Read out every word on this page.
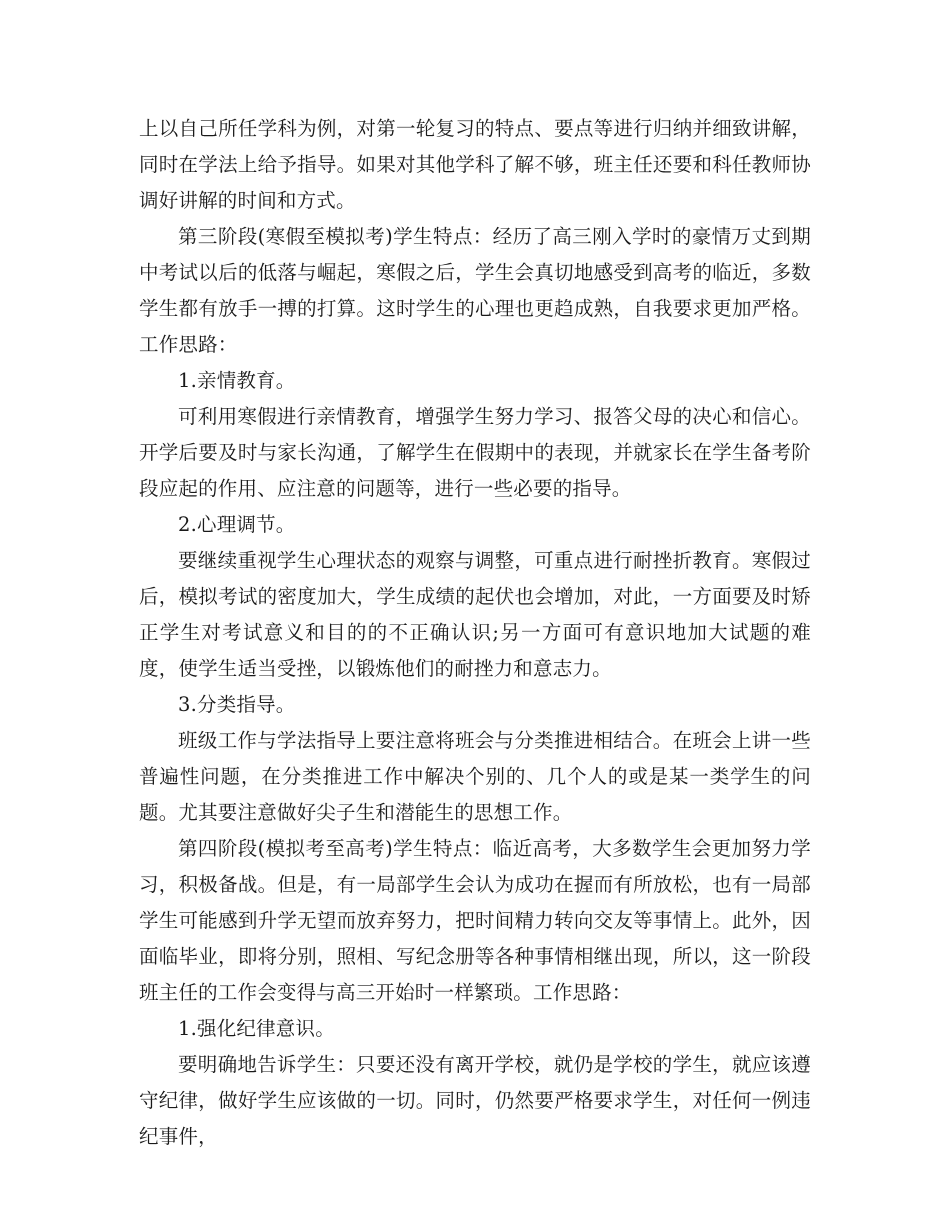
上以自己所任学科为例，对第一轮复习的特点、要点等进行归纳并细致讲解，同时在学法上给予指导。如果对其他学科了解不够，班主任还要和科任教师协调好讲解的时间和方式。

第三阶段(寒假至模拟考)学生特点：经历了高三刚入学时的豪情万丈到期中考试以后的低落与崛起，寒假之后，学生会真切地感受到高考的临近，多数学生都有放手一搏的打算。这时学生的心理也更趋成熟，自我要求更加严格。工作思路：

1.亲情教育。

可利用寒假进行亲情教育，增强学生努力学习、报答父母的决心和信心。开学后要及时与家长沟通，了解学生在假期中的表现，并就家长在学生备考阶段应起的作用、应注意的问题等，进行一些必要的指导。

2.心理调节。

要继续重视学生心理状态的观察与调整，可重点进行耐挫折教育。寒假过后，模拟考试的密度加大，学生成绩的起伏也会增加，对此，一方面要及时矫正学生对考试意义和目的的不正确认识;另一方面可有意识地加大试题的难度，使学生适当受挫，以锻炼他们的耐挫力和意志力。

3.分类指导。

班级工作与学法指导上要注意将班会与分类推进相结合。在班会上讲一些普遍性问题，在分类推进工作中解决个别的、几个人的或是某一类学生的问题。尤其要注意做好尖子生和潜能生的思想工作。

第四阶段(模拟考至高考)学生特点：临近高考，大多数学生会更加努力学习，积极备战。但是，有一局部学生会认为成功在握而有所放松，也有一局部学生可能感到升学无望而放弃努力，把时间精力转向交友等事情上。此外，因面临毕业，即将分别，照相、写纪念册等各种事情相继出现，所以，这一阶段班主任的工作会变得与高三开始时一样繁琐。工作思路：

1.强化纪律意识。

要明确地告诉学生：只要还没有离开学校，就仍是学校的学生，就应该遵守纪律，做好学生应该做的一切。同时，仍然要严格要求学生，对任何一例违纪事件，
